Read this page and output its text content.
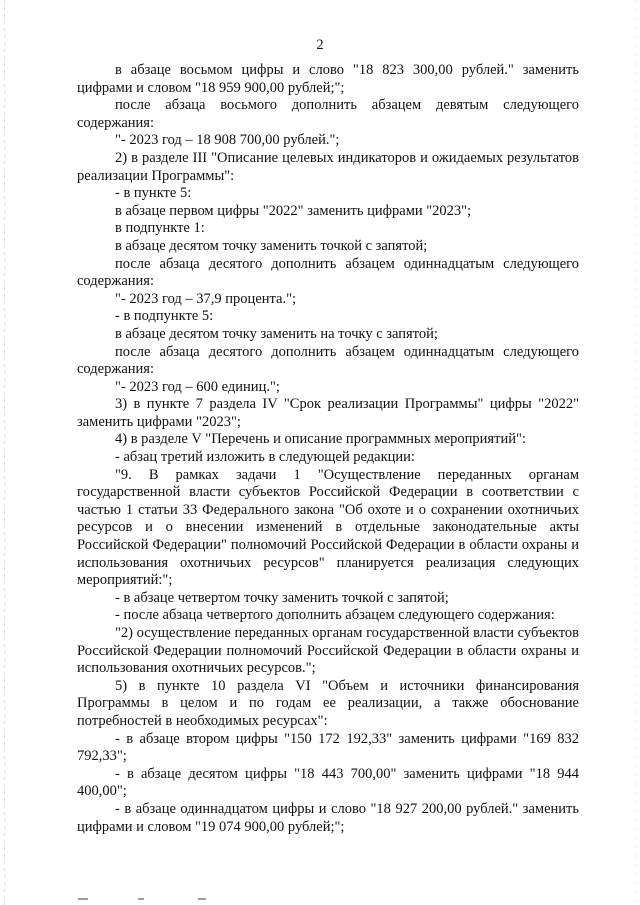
2

в абзаце восьмом цифры и слово "18 823 300,00 рублей." заменить цифрами и словом "18 959 900,00 рублей;";

после абзаца восьмого дополнить абзацем девятым следующего содержания:

"- 2023 год – 18 908 700,00 рублей.";

2) в разделе III "Описание целевых индикаторов и ожидаемых результатов реализации Программы":

- в пункте 5:

в абзаце первом цифры "2022" заменить цифрами "2023";

в подпункте 1:

в абзаце десятом точку заменить точкой с запятой;

после абзаца десятого дополнить абзацем одиннадцатым следующего содержания:

"- 2023 год – 37,9 процента.";

- в подпункте 5:

в абзаце десятом точку заменить на точку с запятой;

после абзаца десятого дополнить абзацем одиннадцатым следующего содержания:

"- 2023 год – 600 единиц.";

3) в пункте 7 раздела IV "Срок реализации Программы" цифры "2022" заменить цифрами "2023";

4) в разделе V "Перечень и описание программных мероприятий":

- абзац третий изложить в следующей редакции:

"9. В рамках задачи 1 "Осуществление переданных органам государственной власти субъектов Российской Федерации в соответствии с частью 1 статьи 33 Федерального закона "Об охоте и о сохранении охотничьих ресурсов и о внесении изменений в отдельные законодательные акты Российской Федерации" полномочий Российской Федерации в области охраны и использования охотничьих ресурсов" планируется реализация следующих мероприятий:";

- в абзаце четвертом точку заменить точкой с запятой;

- после абзаца четвертого дополнить абзацем следующего содержания:

"2) осуществление переданных органам государственной власти субъектов Российской Федерации полномочий Российской Федерации в области охраны и использования охотничьих ресурсов.";

5) в пункте 10 раздела VI "Объем и источники финансирования Программы в целом и по годам ее реализации, а также обоснование потребностей в необходимых ресурсах":

- в абзаце втором цифры "150 172 192,33" заменить цифрами "169 832 792,33";

- в абзаце десятом цифры "18 443 700,00" заменить цифрами "18 944 400,00";

- в абзаце одиннадцатом цифры и слово "18 927 200,00 рублей." заменить цифрами и словом "19 074 900,00 рублей;";
